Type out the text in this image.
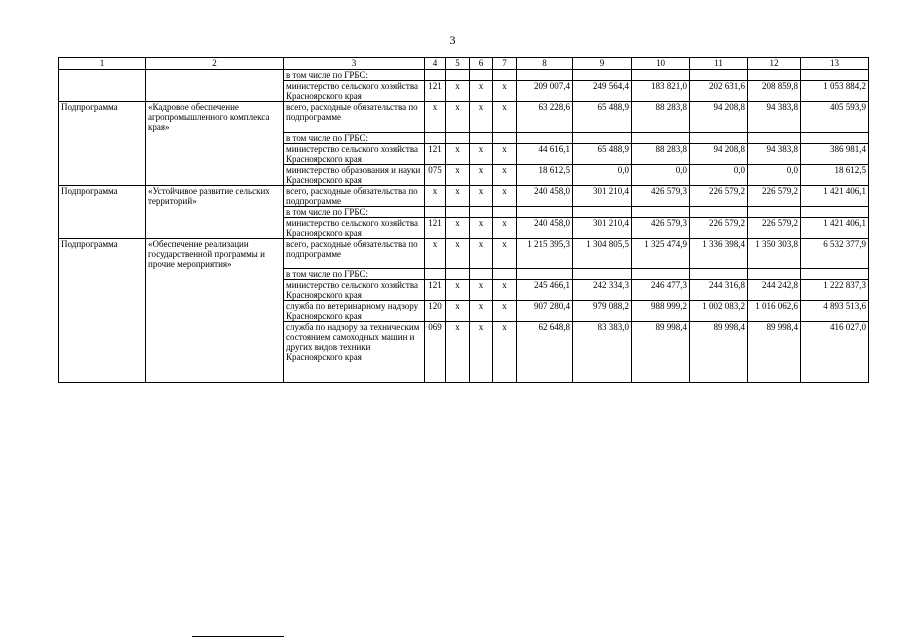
3
1	2	3	4	5	6	7	8	9	10	11	12	13
		в том числе по ГРБС:										
		министерство сельского хозяйства Красноярского края	121	х	х	х	209 007,4	249 564,4	183 821,0	202 631,6	208 859,8	1 053 884,2
Подпрограмма	«Кадровое обеспечение агропромышленного комплекса края»	всего, расходные обязательства по подпрограмме	х	х	х	х	63 228,6	65 488,9	88 283,8	94 208,8	94 383,8	405 593,9
		в том числе по ГРБС:										
		министерство сельского хозяйства Красноярского края	121	х	х	х	44 616,1	65 488,9	88 283,8	94 208,8	94 383,8	386 981,4
		министерство образования и науки Красноярского края	075	х	х	х	18 612,5	0,0	0,0	0,0	0,0	18 612,5
Подпрограмма	«Устойчивое развитие сельских территорий»	всего, расходные обязательства по подпрограмме	х	х	х	х	240 458,0	301 210,4	426 579,3	226 579,2	226 579,2	1 421 406,1
		в том числе по ГРБС:										
		министерство сельского хозяйства Красноярского края	121	х	х	х	240 458,0	301 210,4	426 579,3	226 579,2	226 579,2	1 421 406,1
Подпрограмма	«Обеспечение реализации государственной программы и прочие мероприятия»	всего, расходные обязательства по подпрограмме	х	х	х	х	1 215 395,3	1 304 805,5	1 325 474,9	1 336 398,4	1 350 303,8	6 532 377,9
		в том числе по ГРБС:										
		министерство сельского хозяйства Красноярского края	121	х	х	х	245 466,1	242 334,3	246 477,3	244 316,8	244 242,8	1 222 837,3
		служба по ветеринарному надзору Красноярского края	120	х	х	х	907 280,4	979 088,2	988 999,2	1 002 083,2	1 016 062,6	4 893 513,6
		служба по надзору за техническим состоянием самоходных машин и других видов техники Красноярского края	069	х	х	х	62 648,8	83 383,0	89 998,4	89 998,4	89 998,4	416 027,0
